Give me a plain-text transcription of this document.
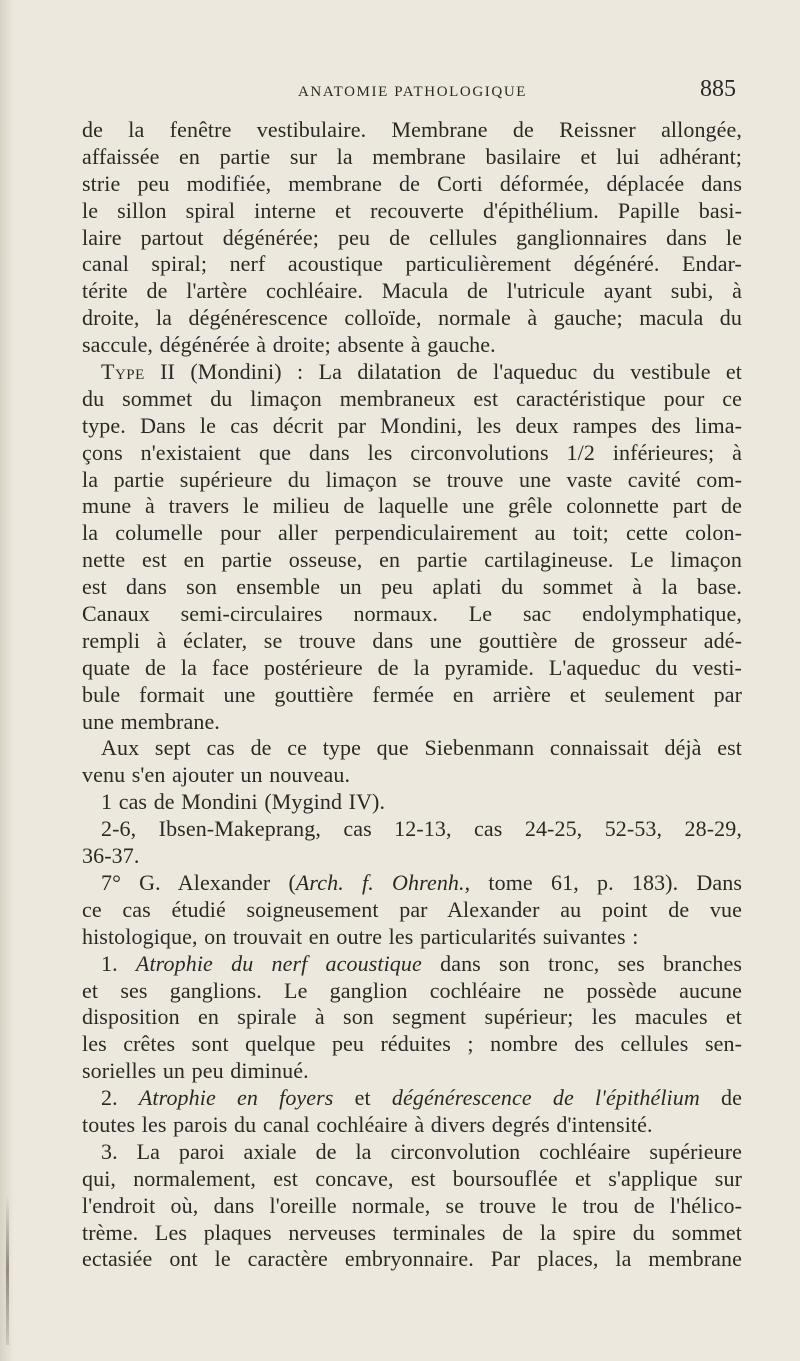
ANATOMIE PATHOLOGIQUE	885
de la fenêtre vestibulaire. Membrane de Reissner allongée,
affaissée en partie sur la membrane basilaire et lui adhérant;
strie peu modifiée, membrane de Corti déformée, déplacée dans
le sillon spiral interne et recouverte d'épithélium. Papille basi-
laire partout dégénérée; peu de cellules ganglionnaires dans le
canal spiral; nerf acoustique particulièrement dégénéré. Endar-
térite de l'artère cochléaire. Macula de l'utricule ayant subi, à
droite, la dégénérescence colloïde, normale à gauche; macula du
saccule, dégénérée à droite; absente à gauche.
Type II (Mondini) : La dilatation de l'aqueduc du vestibule et
du sommet du limaçon membraneux est caractéristique pour ce
type. Dans le cas décrit par Mondini, les deux rampes des lima-
çons n'existaient que dans les circonvolutions 1/2 inférieures; à
la partie supérieure du limaçon se trouve une vaste cavité com-
mune à travers le milieu de laquelle une grêle colonnette part de
la columelle pour aller perpendiculairement au toit; cette colon-
nette est en partie osseuse, en partie cartilagineuse. Le limaçon
est dans son ensemble un peu aplati du sommet à la base.
Canaux semi-circulaires normaux. Le sac endolymphatique,
rempli à éclater, se trouve dans une gouttière de grosseur adé-
quate de la face postérieure de la pyramide. L'aqueduc du vesti-
bule formait une gouttière fermée en arrière et seulement par
une membrane.
Aux sept cas de ce type que Siebenmann connaissait déjà est
venu s'en ajouter un nouveau.
1 cas de Mondini (Mygind IV).
2-6, Ibsen-Makeprang, cas 12-13, cas 24-25, 52-53, 28-29,
36-37.
7° G. Alexander (Arch. f. Ohrenh., tome 61, p. 183). Dans
ce cas étudié soigneusement par Alexander au point de vue
histologique, on trouvait en outre les particularités suivantes :
1. Atrophie du nerf acoustique dans son tronc, ses branches
et ses ganglions. Le ganglion cochléaire ne possède aucune
disposition en spirale à son segment supérieur; les macules et
les crêtes sont quelque peu réduites ; nombre des cellules sen-
sorielles un peu diminué.
2. Atrophie en foyers et dégénérescence de l'épithélium de
toutes les parois du canal cochléaire à divers degrés d'intensité.
3. La paroi axiale de la circonvolution cochléaire supérieure
qui, normalement, est concave, est boursouflée et s'applique sur
l'endroit où, dans l'oreille normale, se trouve le trou de l'hélico-
trème. Les plaques nerveuses terminales de la spire du sommet
ectasiée ont le caractère embryonnaire. Par places, la membrane
